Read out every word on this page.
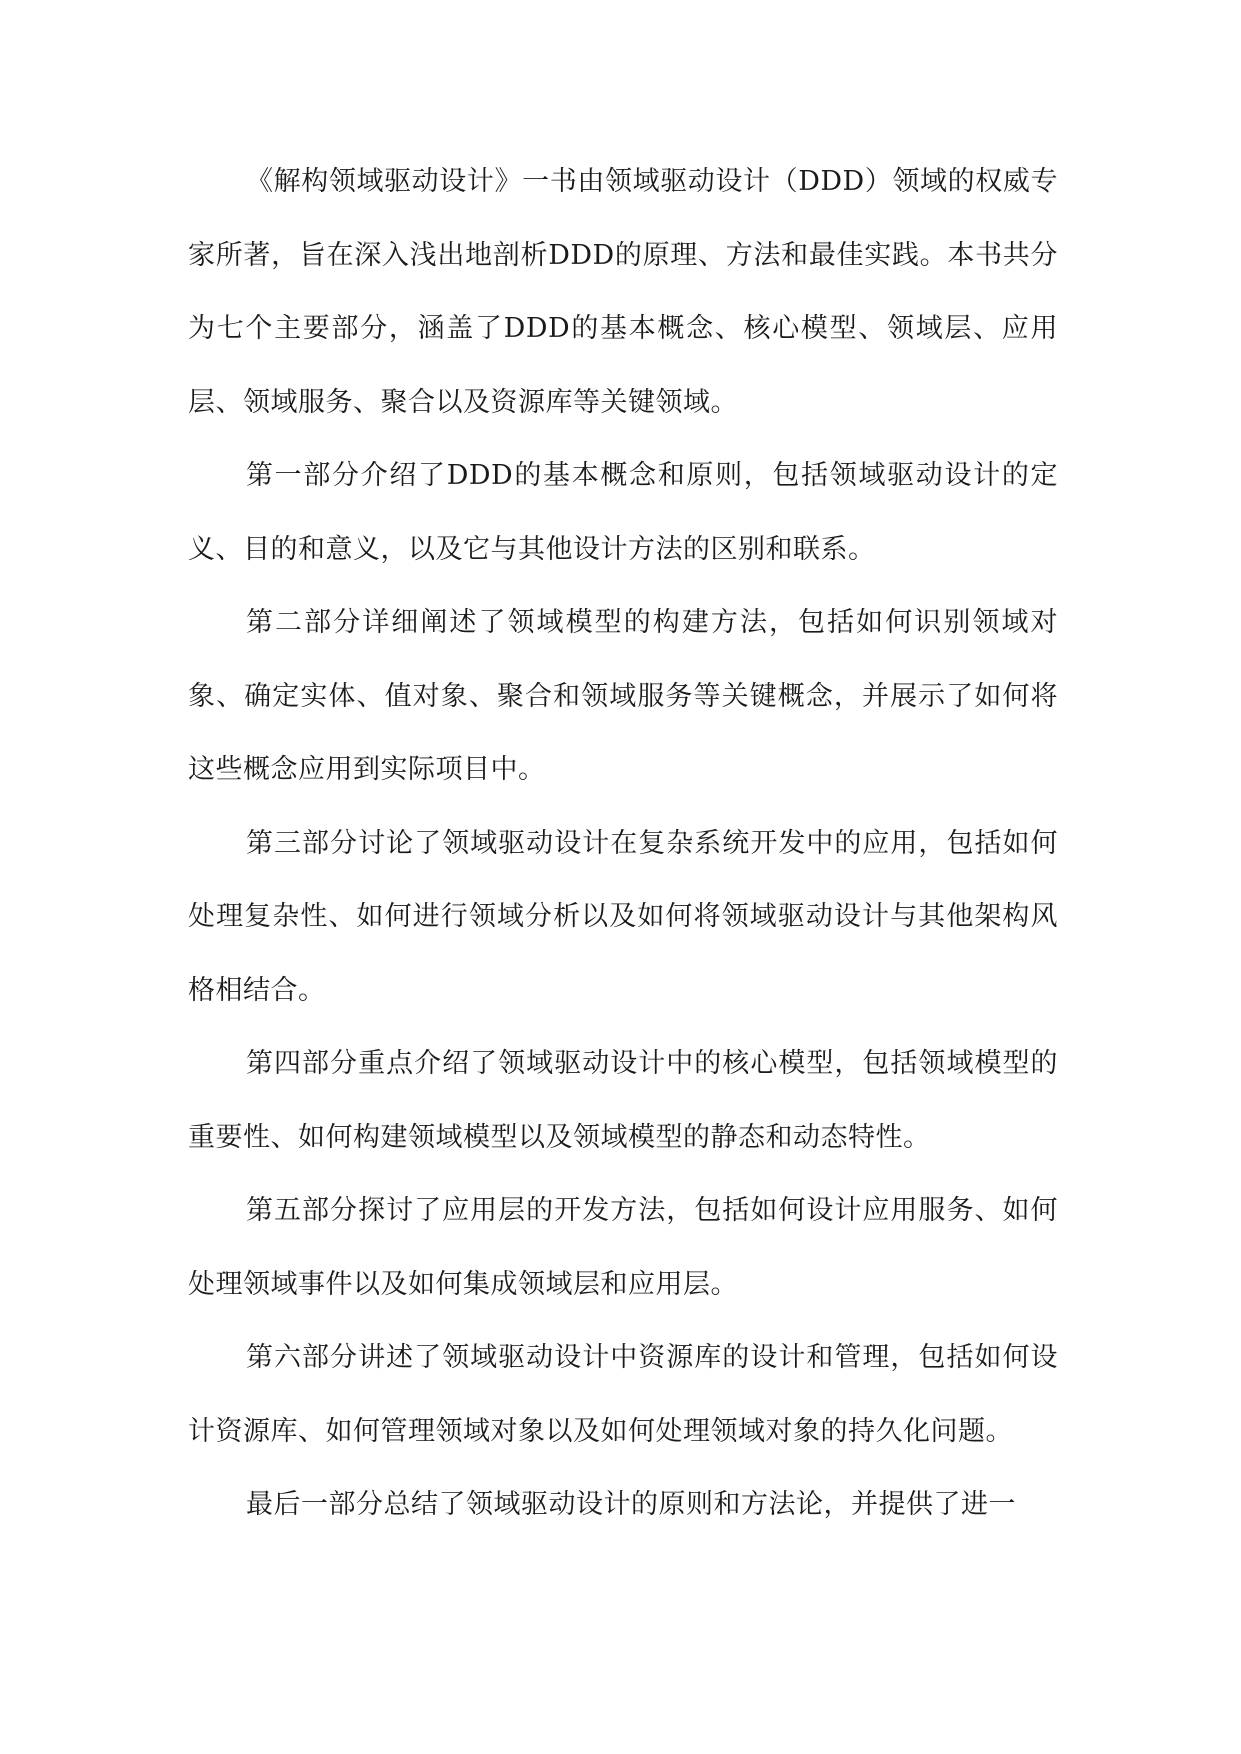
《解构领域驱动设计》一书由领域驱动设计（DDD）领域的权威专家所著，旨在深入浅出地剖析DDD的原理、方法和最佳实践。本书共分为七个主要部分，涵盖了DDD的基本概念、核心模型、领域层、应用层、领域服务、聚合以及资源库等关键领域。

第一部分介绍了DDD的基本概念和原则，包括领域驱动设计的定义、目的和意义，以及它与其他设计方法的区别和联系。

第二部分详细阐述了领域模型的构建方法，包括如何识别领域对象、确定实体、值对象、聚合和领域服务等关键概念，并展示了如何将这些概念应用到实际项目中。

第三部分讨论了领域驱动设计在复杂系统开发中的应用，包括如何处理复杂性、如何进行领域分析以及如何将领域驱动设计与其他架构风格相结合。

第四部分重点介绍了领域驱动设计中的核心模型，包括领域模型的重要性、如何构建领域模型以及领域模型的静态和动态特性。

第五部分探讨了应用层的开发方法，包括如何设计应用服务、如何处理领域事件以及如何集成领域层和应用层。

第六部分讲述了领域驱动设计中资源库的设计和管理，包括如何设计资源库、如何管理领域对象以及如何处理领域对象的持久化问题。

最后一部分总结了领域驱动设计的原则和方法论，并提供了进一
